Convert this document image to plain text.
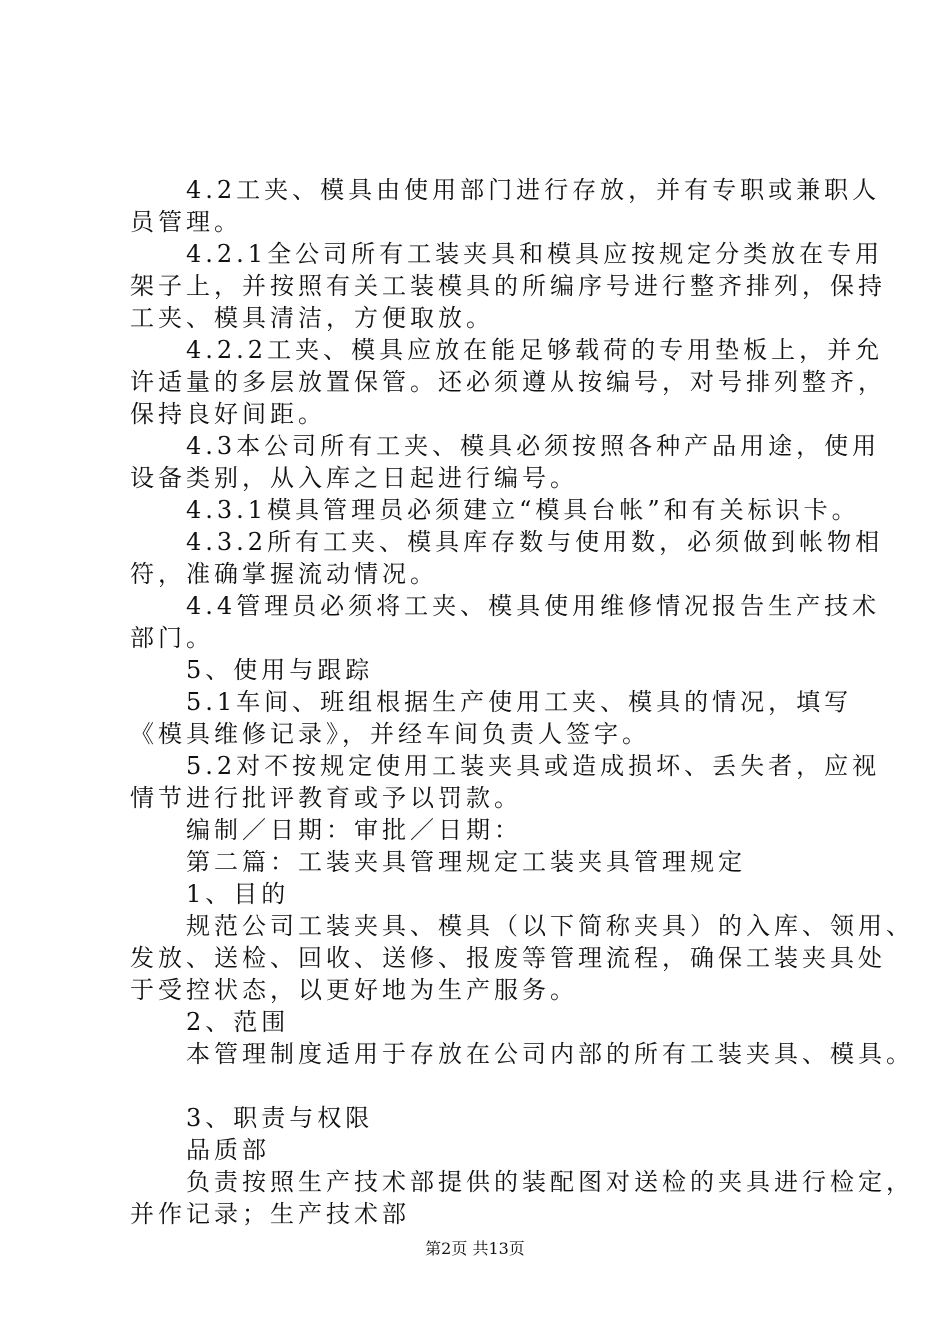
　　4.2工夹、模具由使用部门进行存放，并有专职或兼职人
员管理。
　　4.2.1全公司所有工装夹具和模具应按规定分类放在专用
架子上，并按照有关工装模具的所编序号进行整齐排列，保持
工夹、模具清洁，方便取放。
　　4.2.2工夹、模具应放在能足够载荷的专用垫板上，并允
许适量的多层放置保管。还必须遵从按编号，对号排列整齐，
保持良好间距。
　　4.3本公司所有工夹、模具必须按照各种产品用途，使用
设备类别，从入库之日起进行编号。
　　4.3.1模具管理员必须建立“模具台帐”和有关标识卡。
　　4.3.2所有工夹、模具库存数与使用数，必须做到帐物相
符，准确掌握流动情况。
　　4.4管理员必须将工夹、模具使用维修情况报告生产技术
部门。
　　5、使用与跟踪
　　5.1车间、班组根据生产使用工夹、模具的情况，填写
《模具维修记录》，并经车间负责人签字。
　　5.2对不按规定使用工装夹具或造成损坏、丢失者，应视
情节进行批评教育或予以罚款。
　　编制／日期：审批／日期：
　　第二篇：工装夹具管理规定工装夹具管理规定
　　1、目的
　　规范公司工装夹具、模具（以下简称夹具）的入库、领用、
发放、送检、回收、送修、报废等管理流程，确保工装夹具处
于受控状态，以更好地为生产服务。
　　2、范围
　　本管理制度适用于存放在公司内部的所有工装夹具、模具。
　　3、职责与权限
　　品质部
　　负责按照生产技术部提供的装配图对送检的夹具进行检定，
并作记录；生产技术部
第2页 共13页
